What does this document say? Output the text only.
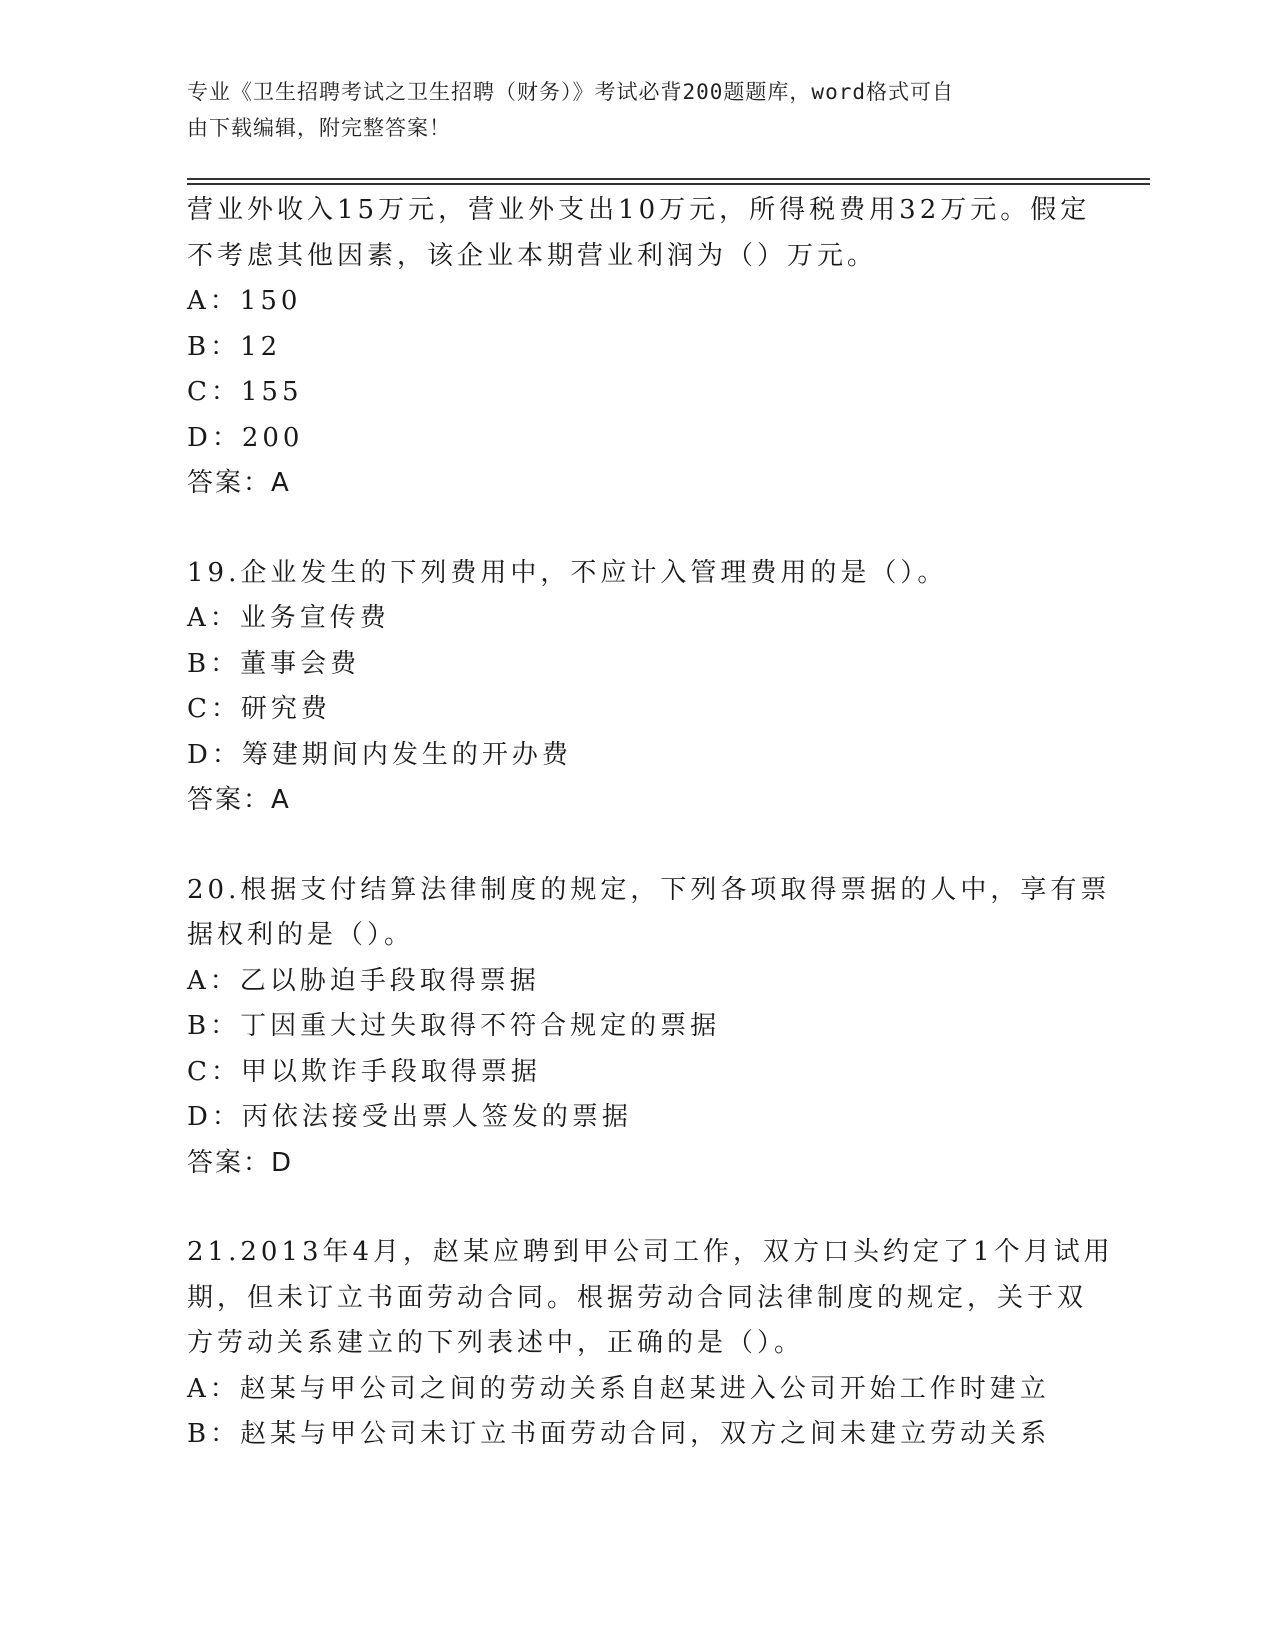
专业《卫生招聘考试之卫生招聘（财务）》考试必背200题题库，word格式可自
由下载编辑，附完整答案！
营业外收入15万元，营业外支出10万元，所得税费用32万元。假定
不考虑其他因素，该企业本期营业利润为（）万元。
A：150
B：12
C：155
D：200
答案：A
19.企业发生的下列费用中，不应计入管理费用的是（）。
A：业务宣传费
B：董事会费
C：研究费
D：筹建期间内发生的开办费
答案：A
20.根据支付结算法律制度的规定，下列各项取得票据的人中，享有票
据权利的是（）。
A：乙以胁迫手段取得票据
B：丁因重大过失取得不符合规定的票据
C：甲以欺诈手段取得票据
D：丙依法接受出票人签发的票据
答案：D
21.2013年4月，赵某应聘到甲公司工作，双方口头约定了1个月试用
期，但未订立书面劳动合同。根据劳动合同法律制度的规定，关于双
方劳动关系建立的下列表述中，正确的是（）。
A：赵某与甲公司之间的劳动关系自赵某进入公司开始工作时建立
B：赵某与甲公司未订立书面劳动合同，双方之间未建立劳动关系
